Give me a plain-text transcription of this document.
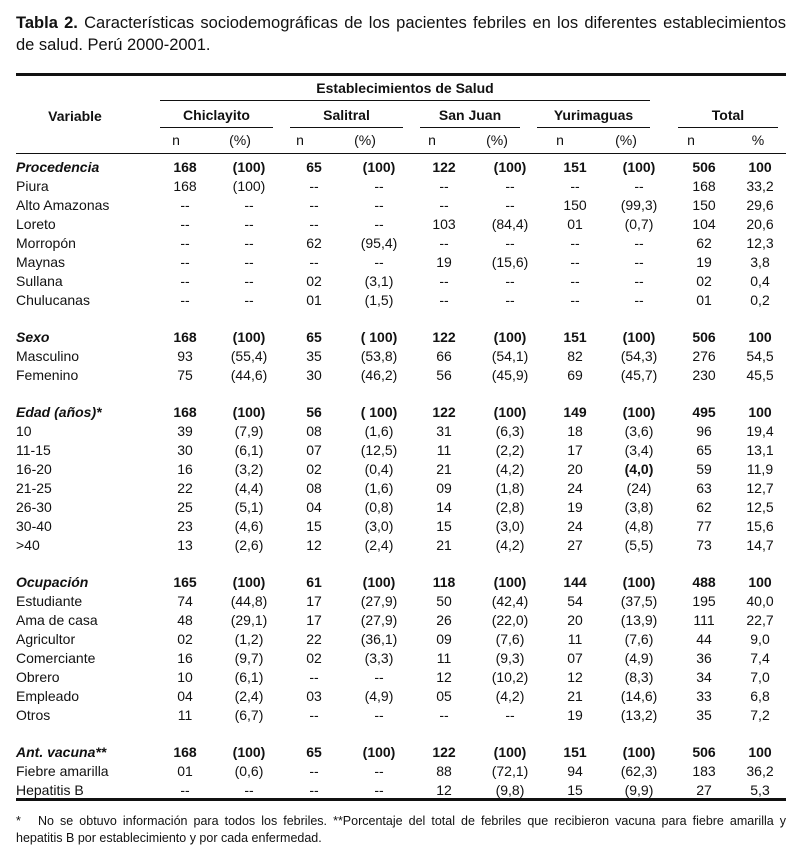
Tabla 2. Características sociodemográficas de los pacientes febriles en los diferentes establecimientos de salud. Perú 2000-2001.
Establecimientos de Salud
Variable	Chiclayito	Salitral	San Juan	Yurimaguas	Total
n	(%)	n	(%)	n	(%)	n	(%)	n	%
Procedencia	168	(100)	65	(100)	122	(100)	151	(100)	506	100
Piura	168	(100)	--	--	--	--	--	--	168	33,2
Alto Amazonas	--	--	--	--	--	--	150	(99,3)	150	29,6
Loreto	--	--	--	--	103	(84,4)	01	(0,7)	104	20,6
Morropón	--	--	62	(95,4)	--	--	--	--	62	12,3
Maynas	--	--	--	--	19	(15,6)	--	--	19	3,8
Sullana	--	--	02	(3,1)	--	--	--	--	02	0,4
Chulucanas	--	--	01	(1,5)	--	--	--	--	01	0,2

Sexo	168	(100)	65	( 100)	122	(100)	151	(100)	506	100
Masculino	93	(55,4)	35	(53,8)	66	(54,1)	82	(54,3)	276	54,5
Femenino	75	(44,6)	30	(46,2)	56	(45,9)	69	(45,7)	230	45,5

Edad (años)*	168	(100)	56	( 100)	122	(100)	149	(100)	495	100
10	39	(7,9)	08	(1,6)	31	(6,3)	18	(3,6)	96	19,4
11-15	30	(6,1)	07	(12,5)	11	(2,2)	17	(3,4)	65	13,1
16-20	16	(3,2)	02	(0,4)	21	(4,2)	20	(4,0)	59	11,9
21-25	22	(4,4)	08	(1,6)	09	(1,8)	24	(24)	63	12,7
26-30	25	(5,1)	04	(0,8)	14	(2,8)	19	(3,8)	62	12,5
30-40	23	(4,6)	15	(3,0)	15	(3,0)	24	(4,8)	77	15,6
>40	13	(2,6)	12	(2,4)	21	(4,2)	27	(5,5)	73	14,7

Ocupación	165	(100)	61	(100)	118	(100)	144	(100)	488	100
Estudiante	74	(44,8)	17	(27,9)	50	(42,4)	54	(37,5)	195	40,0
Ama de casa	48	(29,1)	17	(27,9)	26	(22,0)	20	(13,9)	111	22,7
Agricultor	02	(1,2)	22	(36,1)	09	(7,6)	11	(7,6)	44	9,0
Comerciante	16	(9,7)	02	(3,3)	11	(9,3)	07	(4,9)	36	7,4
Obrero	10	(6,1)	--	--	12	(10,2)	12	(8,3)	34	7,0
Empleado	04	(2,4)	03	(4,9)	05	(4,2)	21	(14,6)	33	6,8
Otros	11	(6,7)	--	--	--	--	19	(13,2)	35	7,2

Ant. vacuna**	168	(100)	65	(100)	122	(100)	151	(100)	506	100
Fiebre amarilla	01	(0,6)	--	--	88	(72,1)	94	(62,3)	183	36,2
Hepatitis B	--	--	--	--	12	(9,8)	15	(9,9)	27	5,3
* No se obtuvo información para todos los febriles. **Porcentaje del total de febriles que recibieron vacuna para fiebre amarilla y hepatitis B por establecimiento y por cada enfermedad.
